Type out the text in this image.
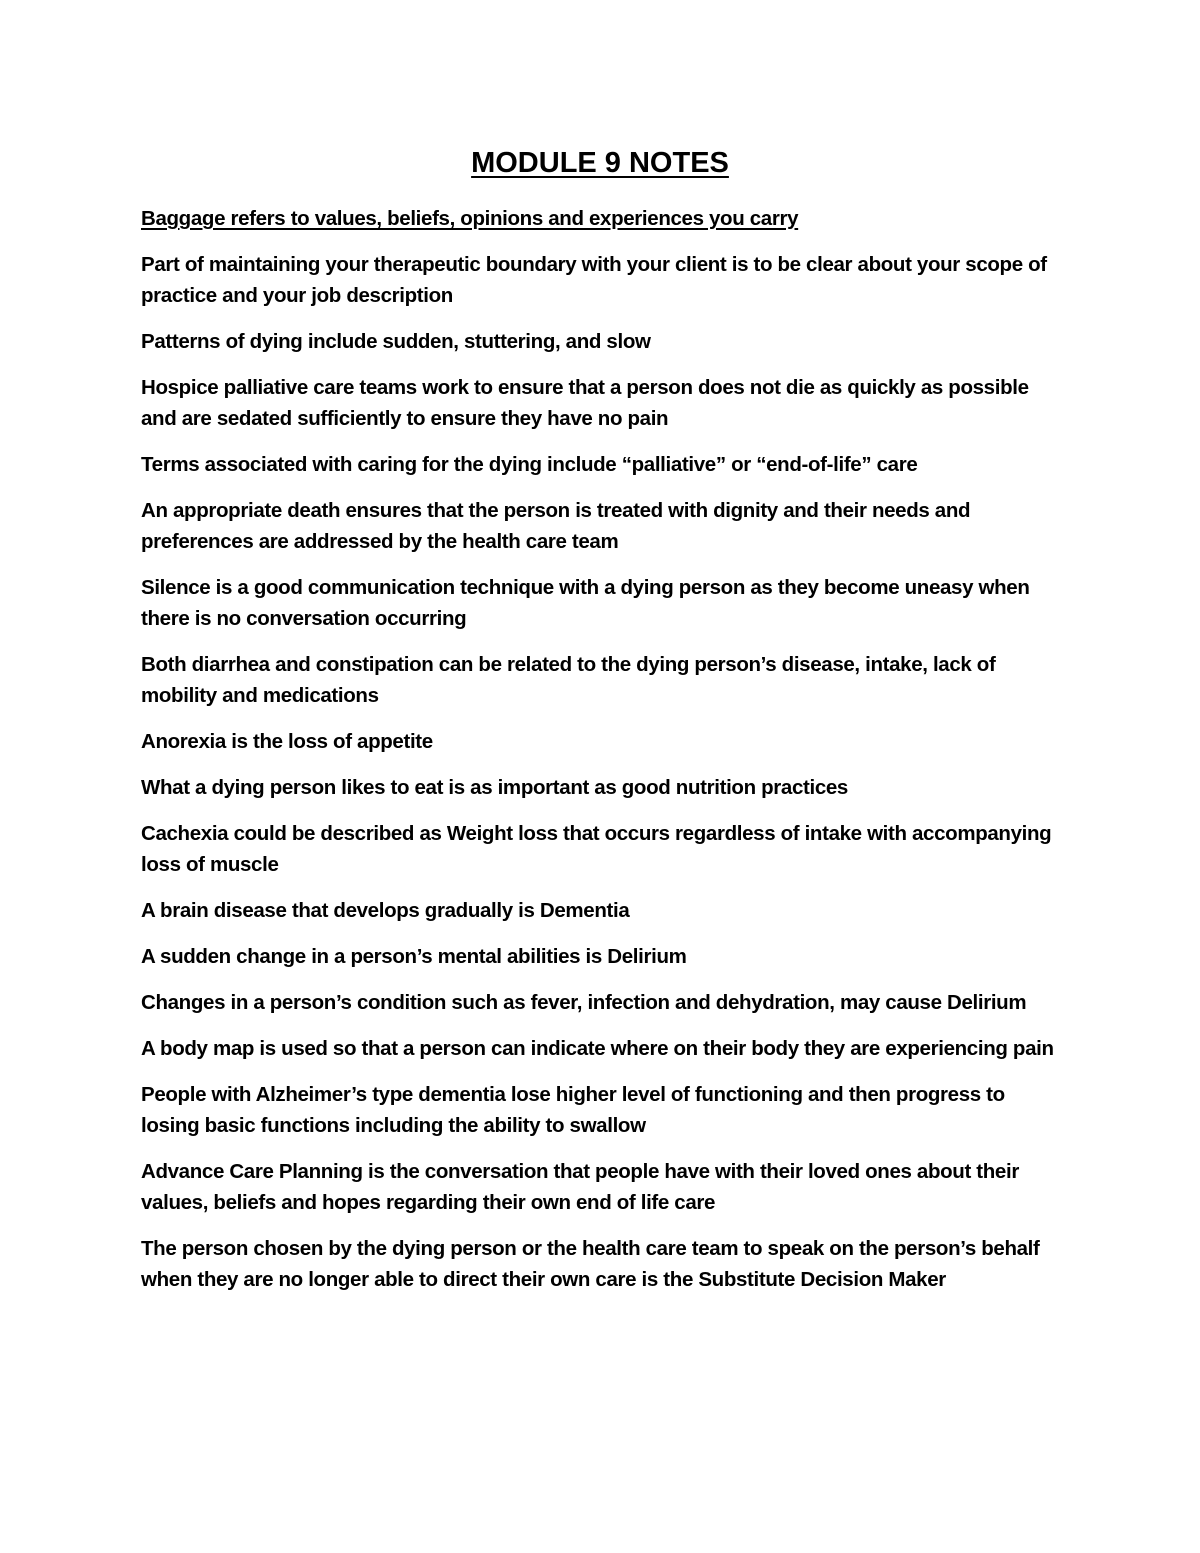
MODULE 9 NOTES

Baggage refers to values, beliefs, opinions and experiences you carry

Part of maintaining your therapeutic boundary with your client is to be clear about your scope of practice and your job description

Patterns of dying include sudden, stuttering, and slow

Hospice palliative care teams work to ensure that a person does not die as quickly as possible and are sedated sufficiently to ensure they have no pain

Terms associated with caring for the dying include “palliative” or “end-of-life” care

An appropriate death ensures that the person is treated with dignity and their needs and preferences are addressed by the health care team

Silence is a good communication technique with a dying person as they become uneasy when there is no conversation occurring

Both diarrhea and constipation can be related to the dying person’s disease, intake, lack of mobility and medications

Anorexia is the loss of appetite

What a dying person likes to eat is as important as good nutrition practices

Cachexia could be described as Weight loss that occurs regardless of intake with accompanying loss of muscle

A brain disease that develops gradually is Dementia

A sudden change in a person’s mental abilities is Delirium

Changes in a person’s condition such as fever, infection and dehydration, may cause Delirium

A body map is used so that a person can indicate where on their body they are experiencing pain

People with Alzheimer’s type dementia lose higher level of functioning and then progress to losing basic functions including the ability to swallow

Advance Care Planning is the conversation that people have with their loved ones about their values, beliefs and hopes regarding their own end of life care

The person chosen by the dying person or the health care team to speak on the person’s behalf when they are no longer able to direct their own care is the Substitute Decision Maker
